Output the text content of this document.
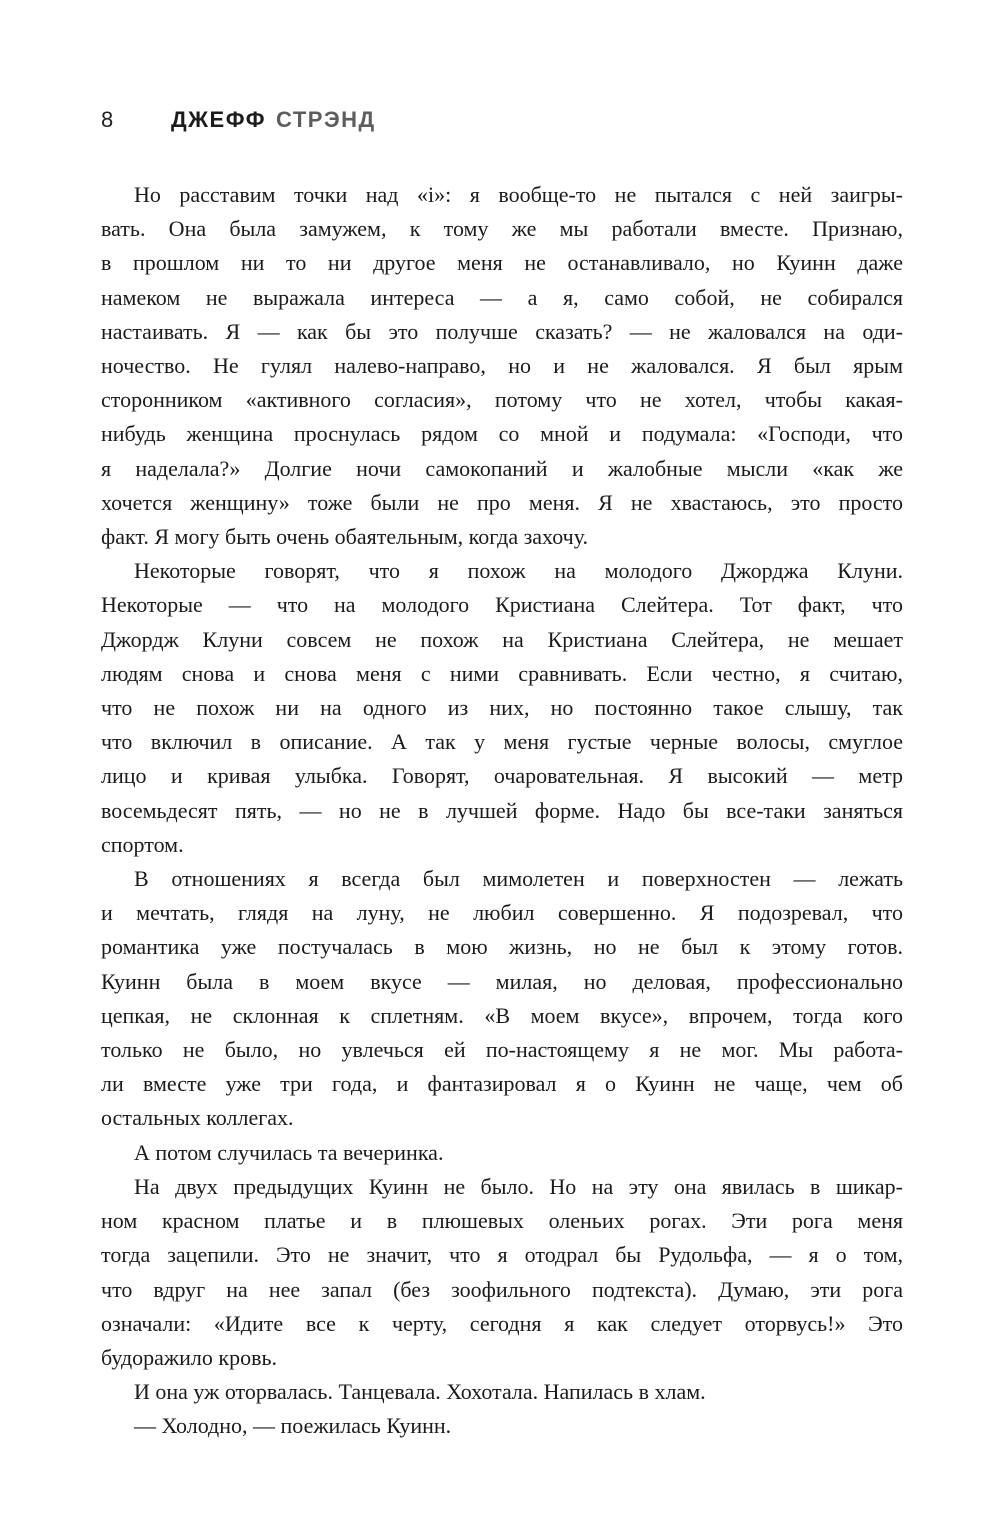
8	ДЖЕФФ СТРЭНД
Но расставим точки над «i»: я вообще-то не пытался с ней заигры-
вать. Она была замужем, к тому же мы работали вместе. Признаю,
в прошлом ни то ни другое меня не останавливало, но Куинн даже
намеком не выражала интереса — а я, само собой, не собирался
настаивать. Я — как бы это получше сказать? — не жаловался на оди-
ночество. Не гулял налево-направо, но и не жаловался. Я был ярым
сторонником «активного согласия», потому что не хотел, чтобы какая-
нибудь женщина проснулась рядом со мной и подумала: «Господи, что
я наделала?» Долгие ночи самокопаний и жалобные мысли «как же
хочется женщину» тоже были не про меня. Я не хвастаюсь, это просто
факт. Я могу быть очень обаятельным, когда захочу.
Некоторые говорят, что я похож на молодого Джорджа Клуни.
Некоторые — что на молодого Кристиана Слейтера. Тот факт, что
Джордж Клуни совсем не похож на Кристиана Слейтера, не мешает
людям снова и снова меня с ними сравнивать. Если честно, я считаю,
что не похож ни на одного из них, но постоянно такое слышу, так
что включил в описание. А так у меня густые черные волосы, смуглое
лицо и кривая улыбка. Говорят, очаровательная. Я высокий — метр
восемьдесят пять, — но не в лучшей форме. Надо бы все-таки заняться
спортом.
В отношениях я всегда был мимолетен и поверхностен — лежать
и мечтать, глядя на луну, не любил совершенно. Я подозревал, что
романтика уже постучалась в мою жизнь, но не был к этому готов.
Куинн была в моем вкусе — милая, но деловая, профессионально
цепкая, не склонная к сплетням. «В моем вкусе», впрочем, тогда кого
только не было, но увлечься ей по-настоящему я не мог. Мы работа-
ли вместе уже три года, и фантазировал я о Куинн не чаще, чем об
остальных коллегах.
А потом случилась та вечеринка.
На двух предыдущих Куинн не было. Но на эту она явилась в шикар-
ном красном платье и в плюшевых оленьих рогах. Эти рога меня
тогда зацепили. Это не значит, что я отодрал бы Рудольфа, — я о том,
что вдруг на нее запал (без зоофильного подтекста). Думаю, эти рога
означали: «Идите все к черту, сегодня я как следует оторвусь!» Это
будоражило кровь.
И она уж оторвалась. Танцевала. Хохотала. Напилась в хлам.
— Холодно, — поежилась Куинн.
